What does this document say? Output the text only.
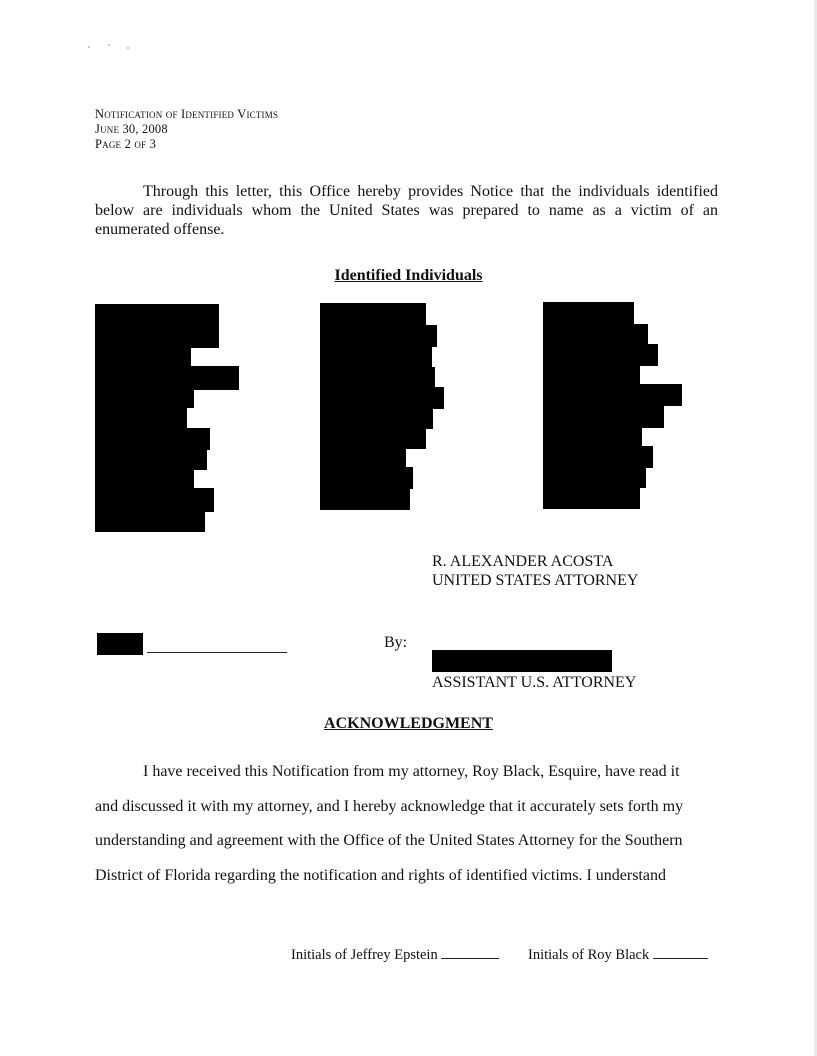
Notification of Identified Victims
June 30, 2008
Page 2 of 3
Through this letter, this Office hereby provides Notice that the individuals identified below are individuals whom the United States was prepared to name as a victim of an enumerated offense.
Identified Individuals
R. ALEXANDER ACOSTA
UNITED STATES ATTORNEY
By:
ASSISTANT U.S. ATTORNEY
ACKNOWLEDGMENT
I have received this Notification from my attorney, Roy Black, Esquire, have read it
and discussed it with my attorney, and I hereby acknowledge that it accurately sets forth my
understanding and agreement with the Office of the United States Attorney for the Southern
District of Florida regarding the notification and rights of identified victims. I understand
Initials of Jeffrey Epstein	Initials of Roy Black
